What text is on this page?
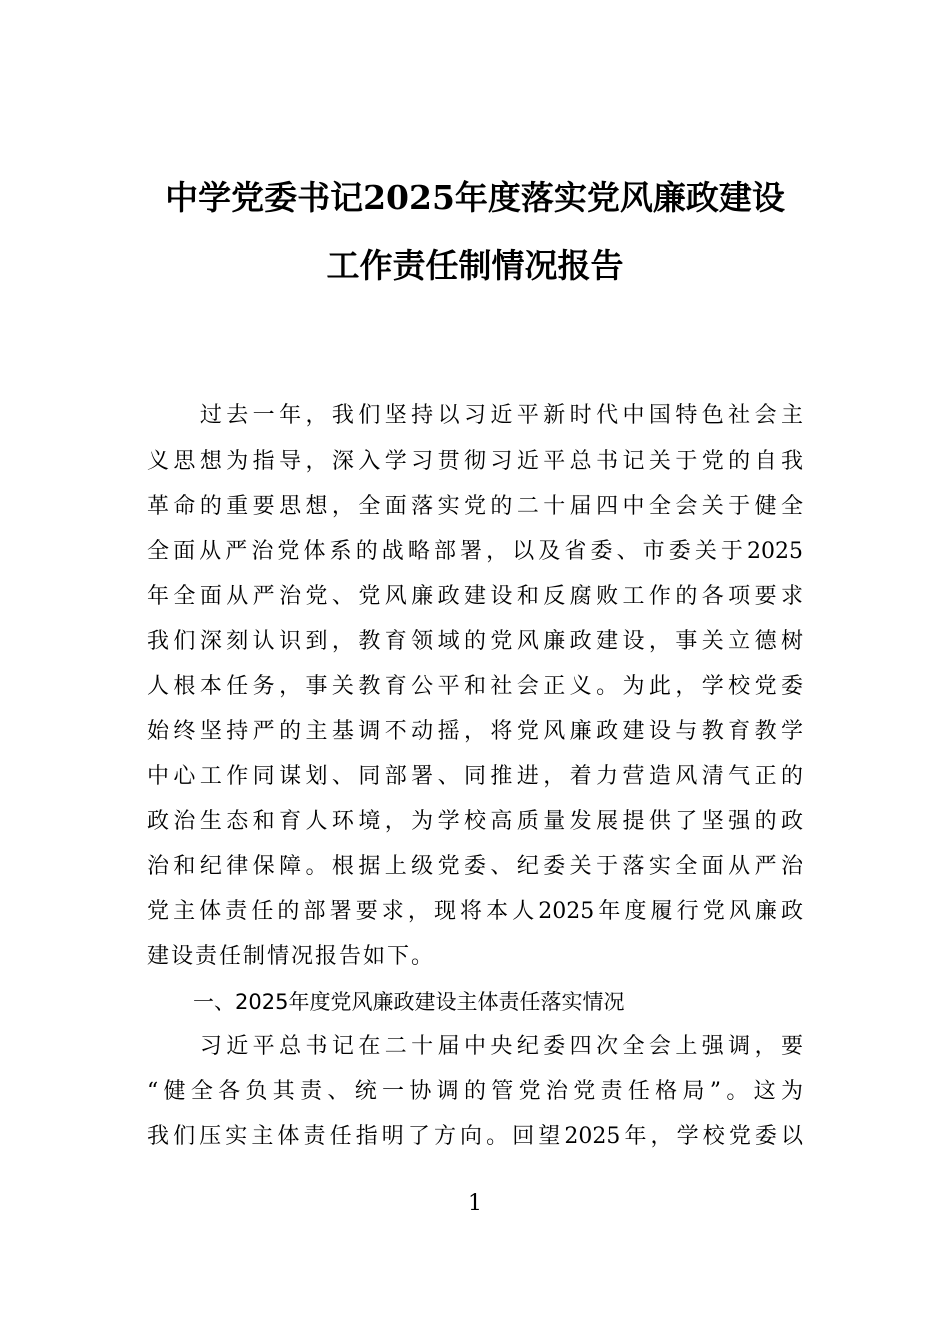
中学党委书记2025年度落实党风廉政建设
工作责任制情况报告
　　过去一年，我们坚持以习近平新时代中国特色社会主
义思想为指导，深入学习贯彻习近平总书记关于党的自我
革命的重要思想，全面落实党的二十届四中全会关于健全
全面从严治党体系的战略部署，以及省委、市委关于2025
年全面从严治党、党风廉政建设和反腐败工作的各项要求
我们深刻认识到，教育领域的党风廉政建设，事关立德树
人根本任务，事关教育公平和社会正义。为此，学校党委
始终坚持严的主基调不动摇，将党风廉政建设与教育教学
中心工作同谋划、同部署、同推进，着力营造风清气正的
政治生态和育人环境，为学校高质量发展提供了坚强的政
治和纪律保障。根据上级党委、纪委关于落实全面从严治
党主体责任的部署要求，现将本人2025年度履行党风廉政
建设责任制情况报告如下。
一、2025年度党风廉政建设主体责任落实情况
　　习近平总书记在二十届中央纪委四次全会上强调，要
“健全各负其责、统一协调的管党治党责任格局”。这为
我们压实主体责任指明了方向。回望2025年，学校党委以
1
